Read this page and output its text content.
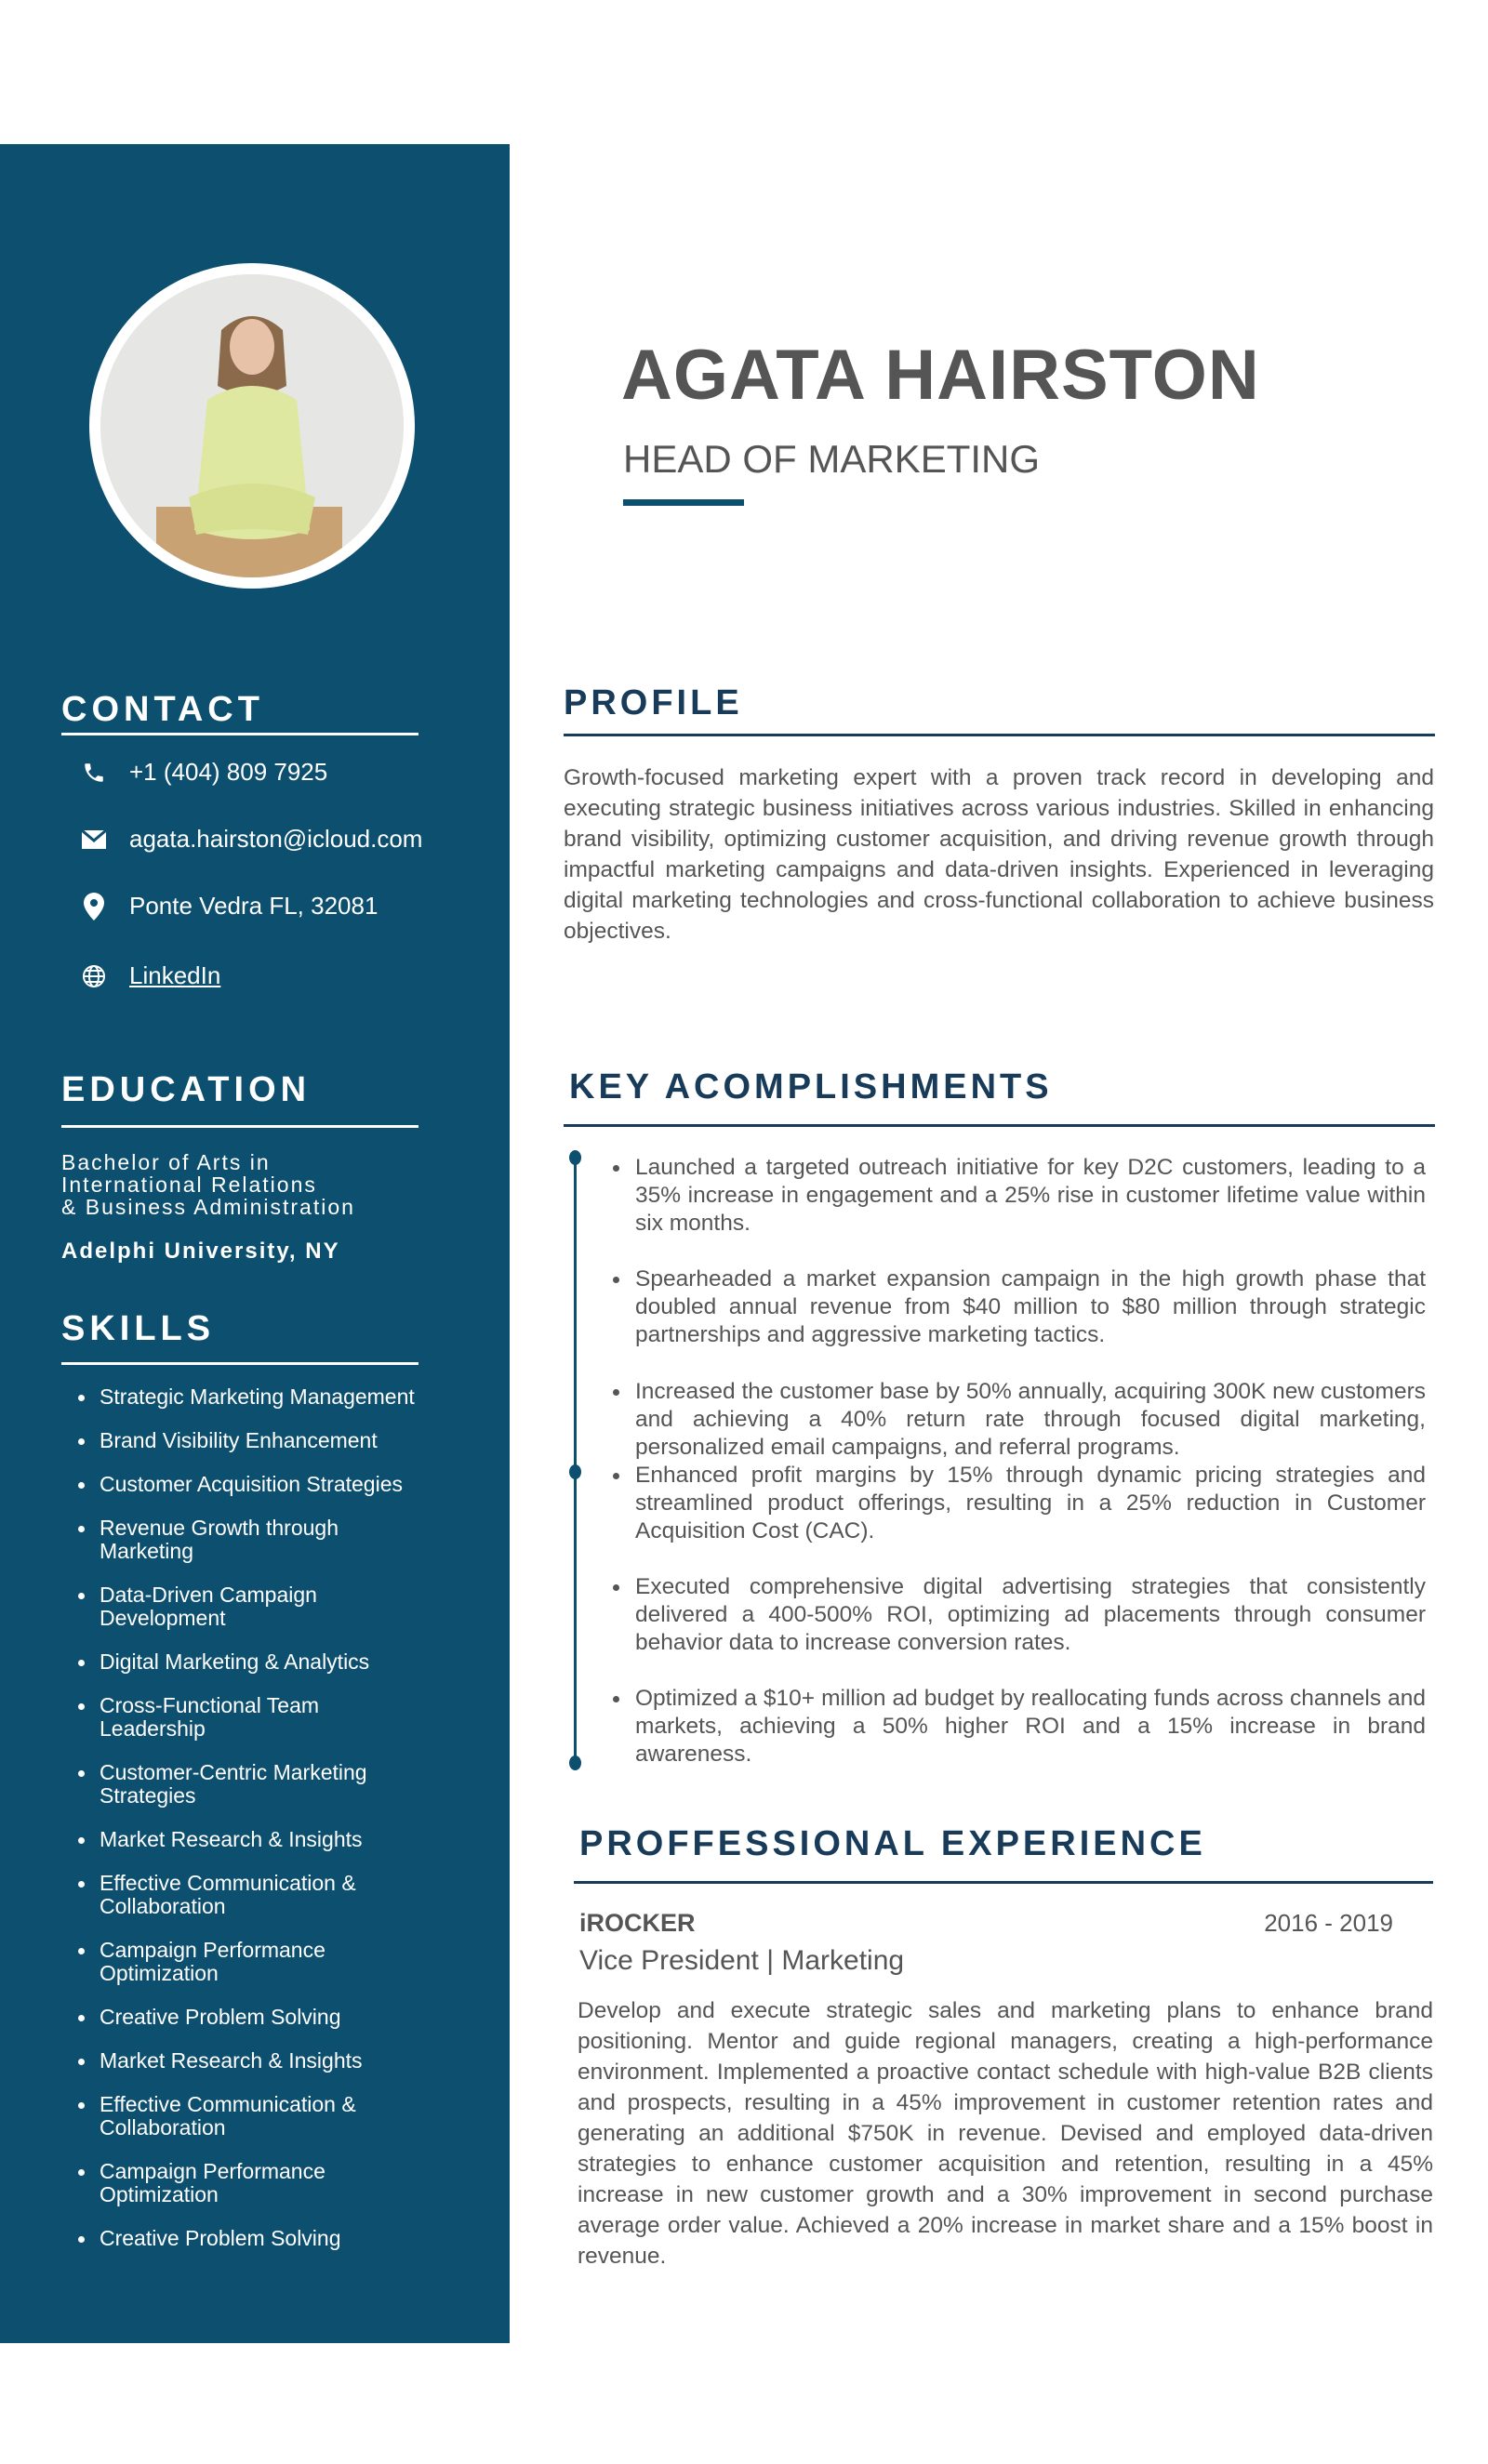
AGATA HAIRSTON
HEAD OF MARKETING
CONTACT
+1 (404) 809 7925
agata.hairston@icloud.com
Ponte Vedra FL, 32081
LinkedIn
EDUCATION
Bachelor of Arts in
International Relations
& Business Administration
Adelphi University, NY
SKILLS
Strategic Marketing Management
Brand Visibility Enhancement
Customer Acquisition Strategies
Revenue Growth through Marketing
Data-Driven Campaign Development
Digital Marketing & Analytics
Cross-Functional Team Leadership
Customer-Centric Marketing Strategies
Market Research & Insights
Effective Communication & Collaboration
Campaign Performance Optimization
Creative Problem Solving
Market Research & Insights
Effective Communication & Collaboration
Campaign Performance Optimization
Creative Problem Solving
PROFILE
Growth-focused marketing expert with a proven track record in developing and executing strategic business initiatives across various industries. Skilled in enhancing brand visibility, optimizing customer acquisition, and driving revenue growth through impactful marketing campaigns and data-driven insights. Experienced in leveraging digital marketing technologies and cross-functional collaboration to achieve business objectives.
KEY ACOMPLISHMENTS
Launched a targeted outreach initiative for key D2C customers, leading to a 35% increase in engagement and a 25% rise in customer lifetime value within six months.
Spearheaded a market expansion campaign in the high growth phase that doubled annual revenue from $40 million to $80 million through strategic partnerships and aggressive marketing tactics.
Increased the customer base by 50% annually, acquiring 300K new customers and achieving a 40% return rate through focused digital marketing, personalized email campaigns, and referral programs.
Enhanced profit margins by 15% through dynamic pricing strategies and streamlined product offerings, resulting in a 25% reduction in Customer Acquisition Cost (CAC).
Executed comprehensive digital advertising strategies that consistently delivered a 400-500% ROI, optimizing ad placements through consumer behavior data to increase conversion rates.
Optimized a $10+ million ad budget by reallocating funds across channels and markets, achieving a 50% higher ROI and a 15% increase in brand awareness.
PROFFESSIONAL EXPERIENCE
iROCKER	2016 - 2019
Vice President | Marketing
Develop and execute strategic sales and marketing plans to enhance brand positioning. Mentor and guide regional managers, creating a high-performance environment. Implemented a proactive contact schedule with high-value B2B clients and prospects, resulting in a 45% improvement in customer retention rates and generating an additional $750K in revenue. Devised and employed data-driven strategies to enhance customer acquisition and retention, resulting in a 45% increase in new customer growth and a 30% improvement in second purchase average order value. Achieved a 20% increase in market share and a 15% boost in revenue.
